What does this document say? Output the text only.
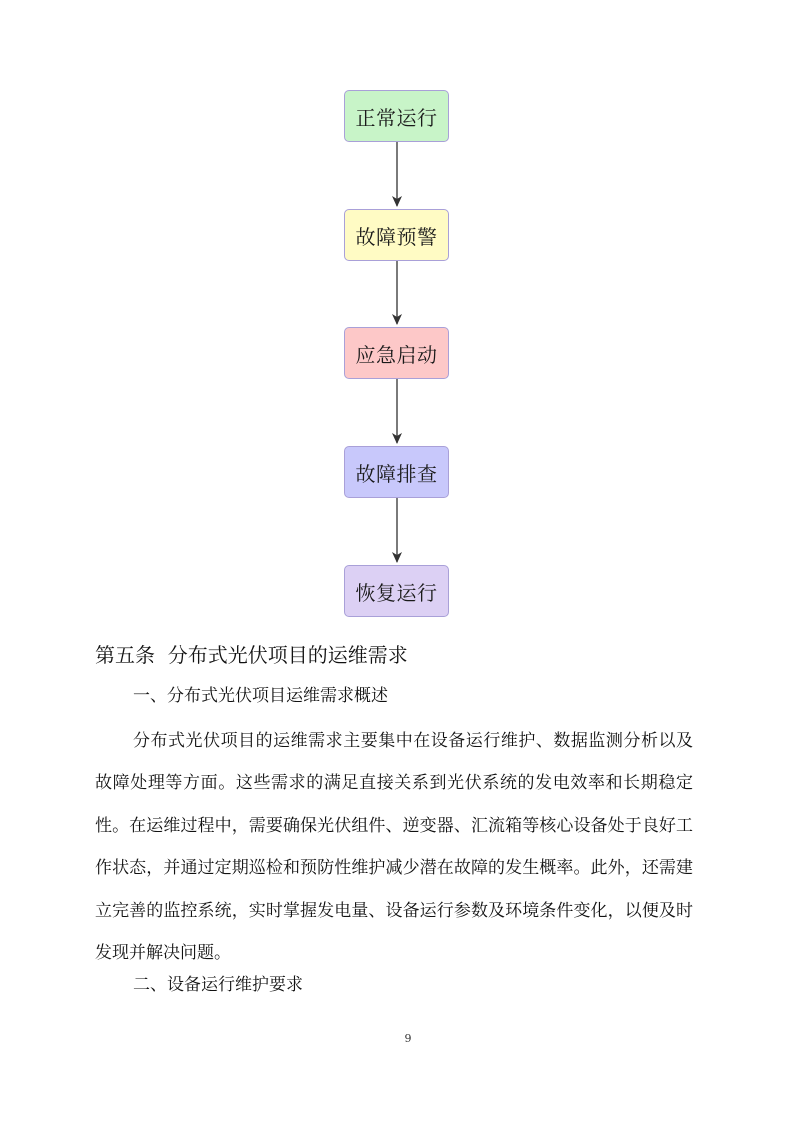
正常运行
故障预警
应急启动
故障排查
恢复运行
第五条  分布式光伏项目的运维需求
一、分布式光伏项目运维需求概述

分布式光伏项目的运维需求主要集中在设备运行维护、数据监测分析以及故障处理等方面。这些需求的满足直接关系到光伏系统的发电效率和长期稳定性。在运维过程中，需要确保光伏组件、逆变器、汇流箱等核心设备处于良好工作状态，并通过定期巡检和预防性维护减少潜在故障的发生概率。此外，还需建立完善的监控系统，实时掌握发电量、设备运行参数及环境条件变化，以便及时发现并解决问题。

二、设备运行维护要求
9
